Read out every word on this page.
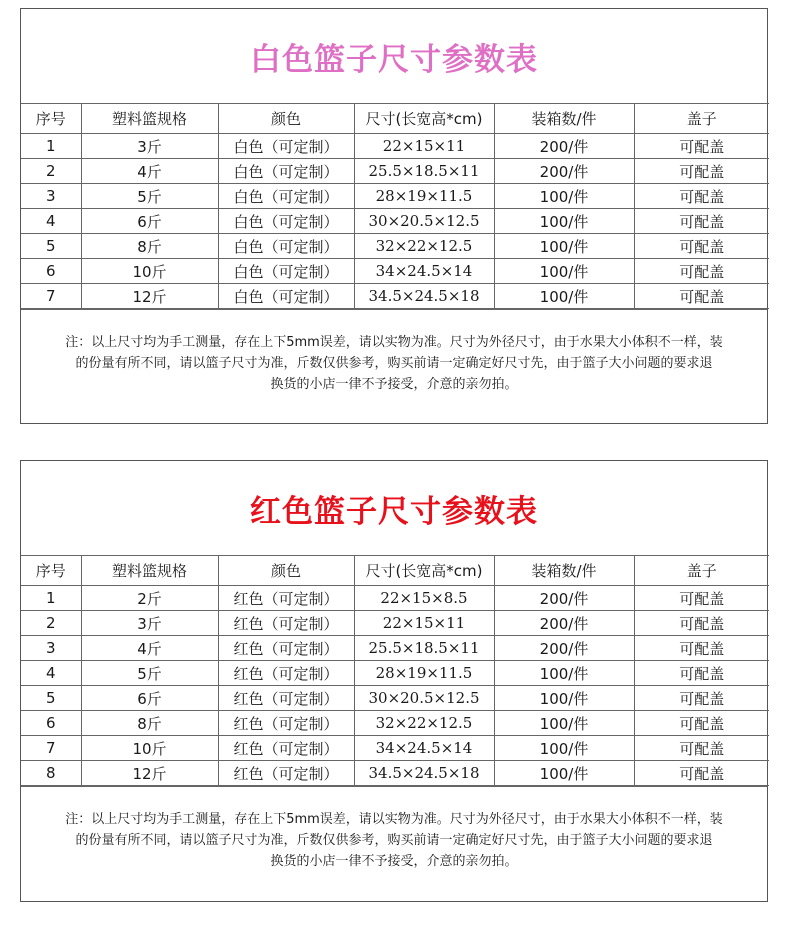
白色篮子尺寸参数表
序号	塑料篮规格	颜色	尺寸(长宽高*cm)	装箱数/件	盖子
1	3斤	白色（可定制）	22×15×11	200/件	可配盖
2	4斤	白色（可定制）	25.5×18.5×11	200/件	可配盖
3	5斤	白色（可定制）	28×19×11.5	100/件	可配盖
4	6斤	白色（可定制）	30×20.5×12.5	100/件	可配盖
5	8斤	白色（可定制）	32×22×12.5	100/件	可配盖
6	10斤	白色（可定制）	34×24.5×14	100/件	可配盖
7	12斤	白色（可定制）	34.5×24.5×18	100/件	可配盖
注：以上尺寸均为手工测量，存在上下5mm误差，请以实物为准。尺寸为外径尺寸，由于水果大小体积不一样，装
的份量有所不同，请以篮子尺寸为准，斤数仅供参考，购买前请一定确定好尺寸先，由于篮子大小问题的要求退
换货的小店一律不予接受，介意的亲勿拍。
红色篮子尺寸参数表
序号	塑料篮规格	颜色	尺寸(长宽高*cm)	装箱数/件	盖子
1	2斤	红色（可定制）	22×15×8.5	200/件	可配盖
2	3斤	红色（可定制）	22×15×11	200/件	可配盖
3	4斤	红色（可定制）	25.5×18.5×11	200/件	可配盖
4	5斤	红色（可定制）	28×19×11.5	100/件	可配盖
5	6斤	红色（可定制）	30×20.5×12.5	100/件	可配盖
6	8斤	红色（可定制）	32×22×12.5	100/件	可配盖
7	10斤	红色（可定制）	34×24.5×14	100/件	可配盖
8	12斤	红色（可定制）	34.5×24.5×18	100/件	可配盖
注：以上尺寸均为手工测量，存在上下5mm误差，请以实物为准。尺寸为外径尺寸，由于水果大小体积不一样，装
的份量有所不同，请以篮子尺寸为准，斤数仅供参考，购买前请一定确定好尺寸先，由于篮子大小问题的要求退
换货的小店一律不予接受，介意的亲勿拍。
